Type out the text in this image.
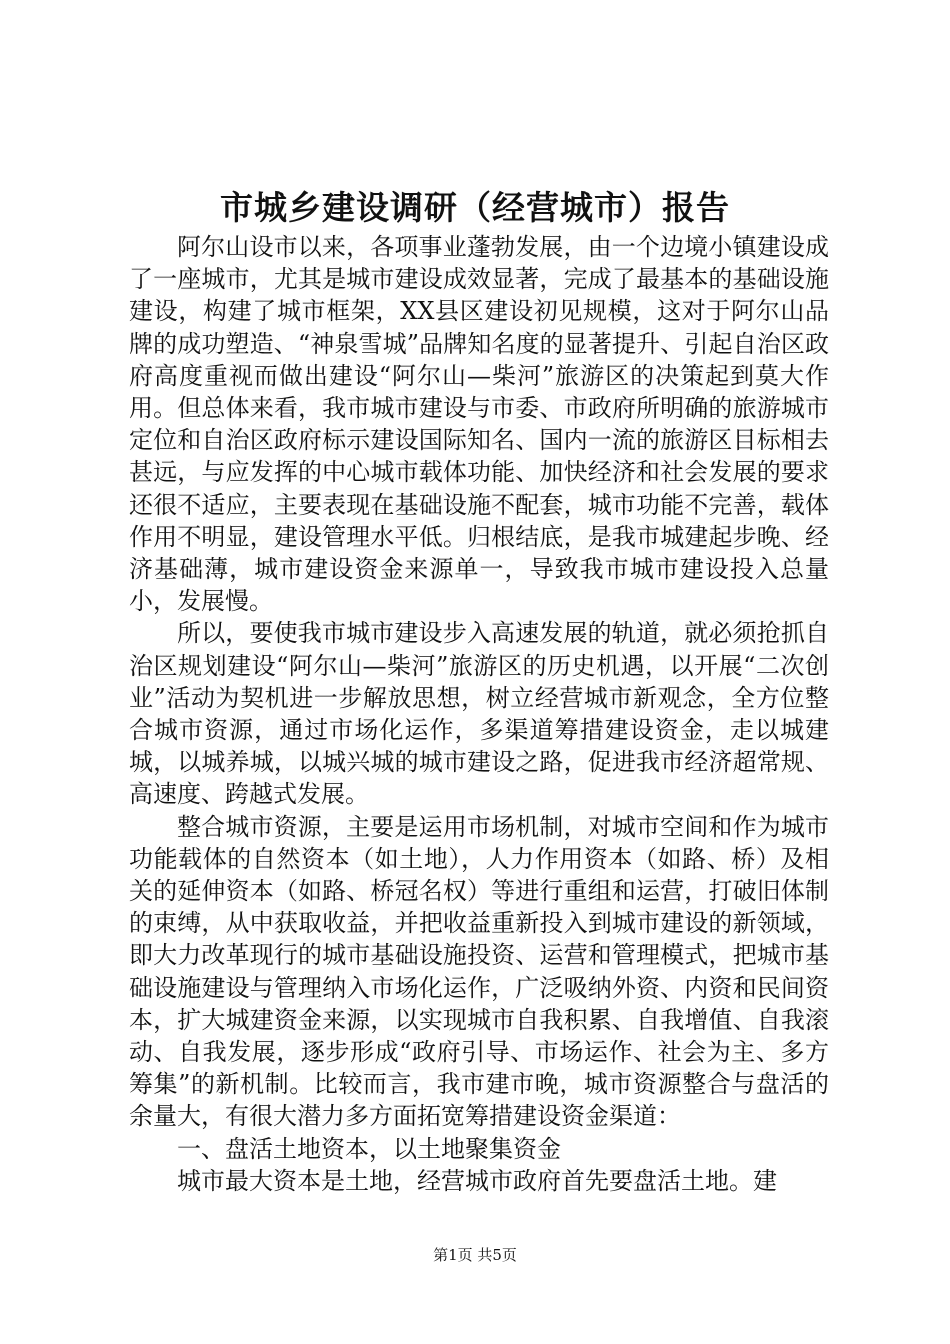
市城乡建设调研（经营城市）报告

阿尔山设市以来，各项事业蓬勃发展，由一个边境小镇建设成了一座城市，尤其是城市建设成效显著，完成了最基本的基础设施建设，构建了城市框架，XX县区建设初见规模，这对于阿尔山品牌的成功塑造、“神泉雪城”品牌知名度的显著提升、引起自治区政府高度重视而做出建设“阿尔山—柴河”旅游区的决策起到莫大作用。但总体来看，我市城市建设与市委、市政府所明确的旅游城市定位和自治区政府标示建设国际知名、国内一流的旅游区目标相去甚远，与应发挥的中心城市载体功能、加快经济和社会发展的要求还很不适应，主要表现在基础设施不配套，城市功能不完善，载体作用不明显，建设管理水平低。归根结底，是我市城建起步晚、经济基础薄，城市建设资金来源单一，导致我市城市建设投入总量小，发展慢。

所以，要使我市城市建设步入高速发展的轨道，就必须抢抓自治区规划建设“阿尔山—柴河”旅游区的历史机遇，以开展“二次创业”活动为契机进一步解放思想，树立经营城市新观念，全方位整合城市资源，通过市场化运作，多渠道筹措建设资金，走以城建城，以城养城，以城兴城的城市建设之路，促进我市经济超常规、高速度、跨越式发展。

整合城市资源，主要是运用市场机制，对城市空间和作为城市功能载体的自然资本（如土地），人力作用资本（如路、桥）及相关的延伸资本（如路、桥冠名权）等进行重组和运营，打破旧体制的束缚，从中获取收益，并把收益重新投入到城市建设的新领域，即大力改革现行的城市基础设施投资、运营和管理模式，把城市基础设施建设与管理纳入市场化运作，广泛吸纳外资、内资和民间资本，扩大城建资金来源，以实现城市自我积累、自我增值、自我滚动、自我发展，逐步形成“政府引导、市场运作、社会为主、多方筹集”的新机制。比较而言，我市建市晚，城市资源整合与盘活的余量大，有很大潜力多方面拓宽筹措建设资金渠道：

一、盘活土地资本，以土地聚集资金

城市最大资本是土地，经营城市政府首先要盘活土地。建

第1页 共5页
